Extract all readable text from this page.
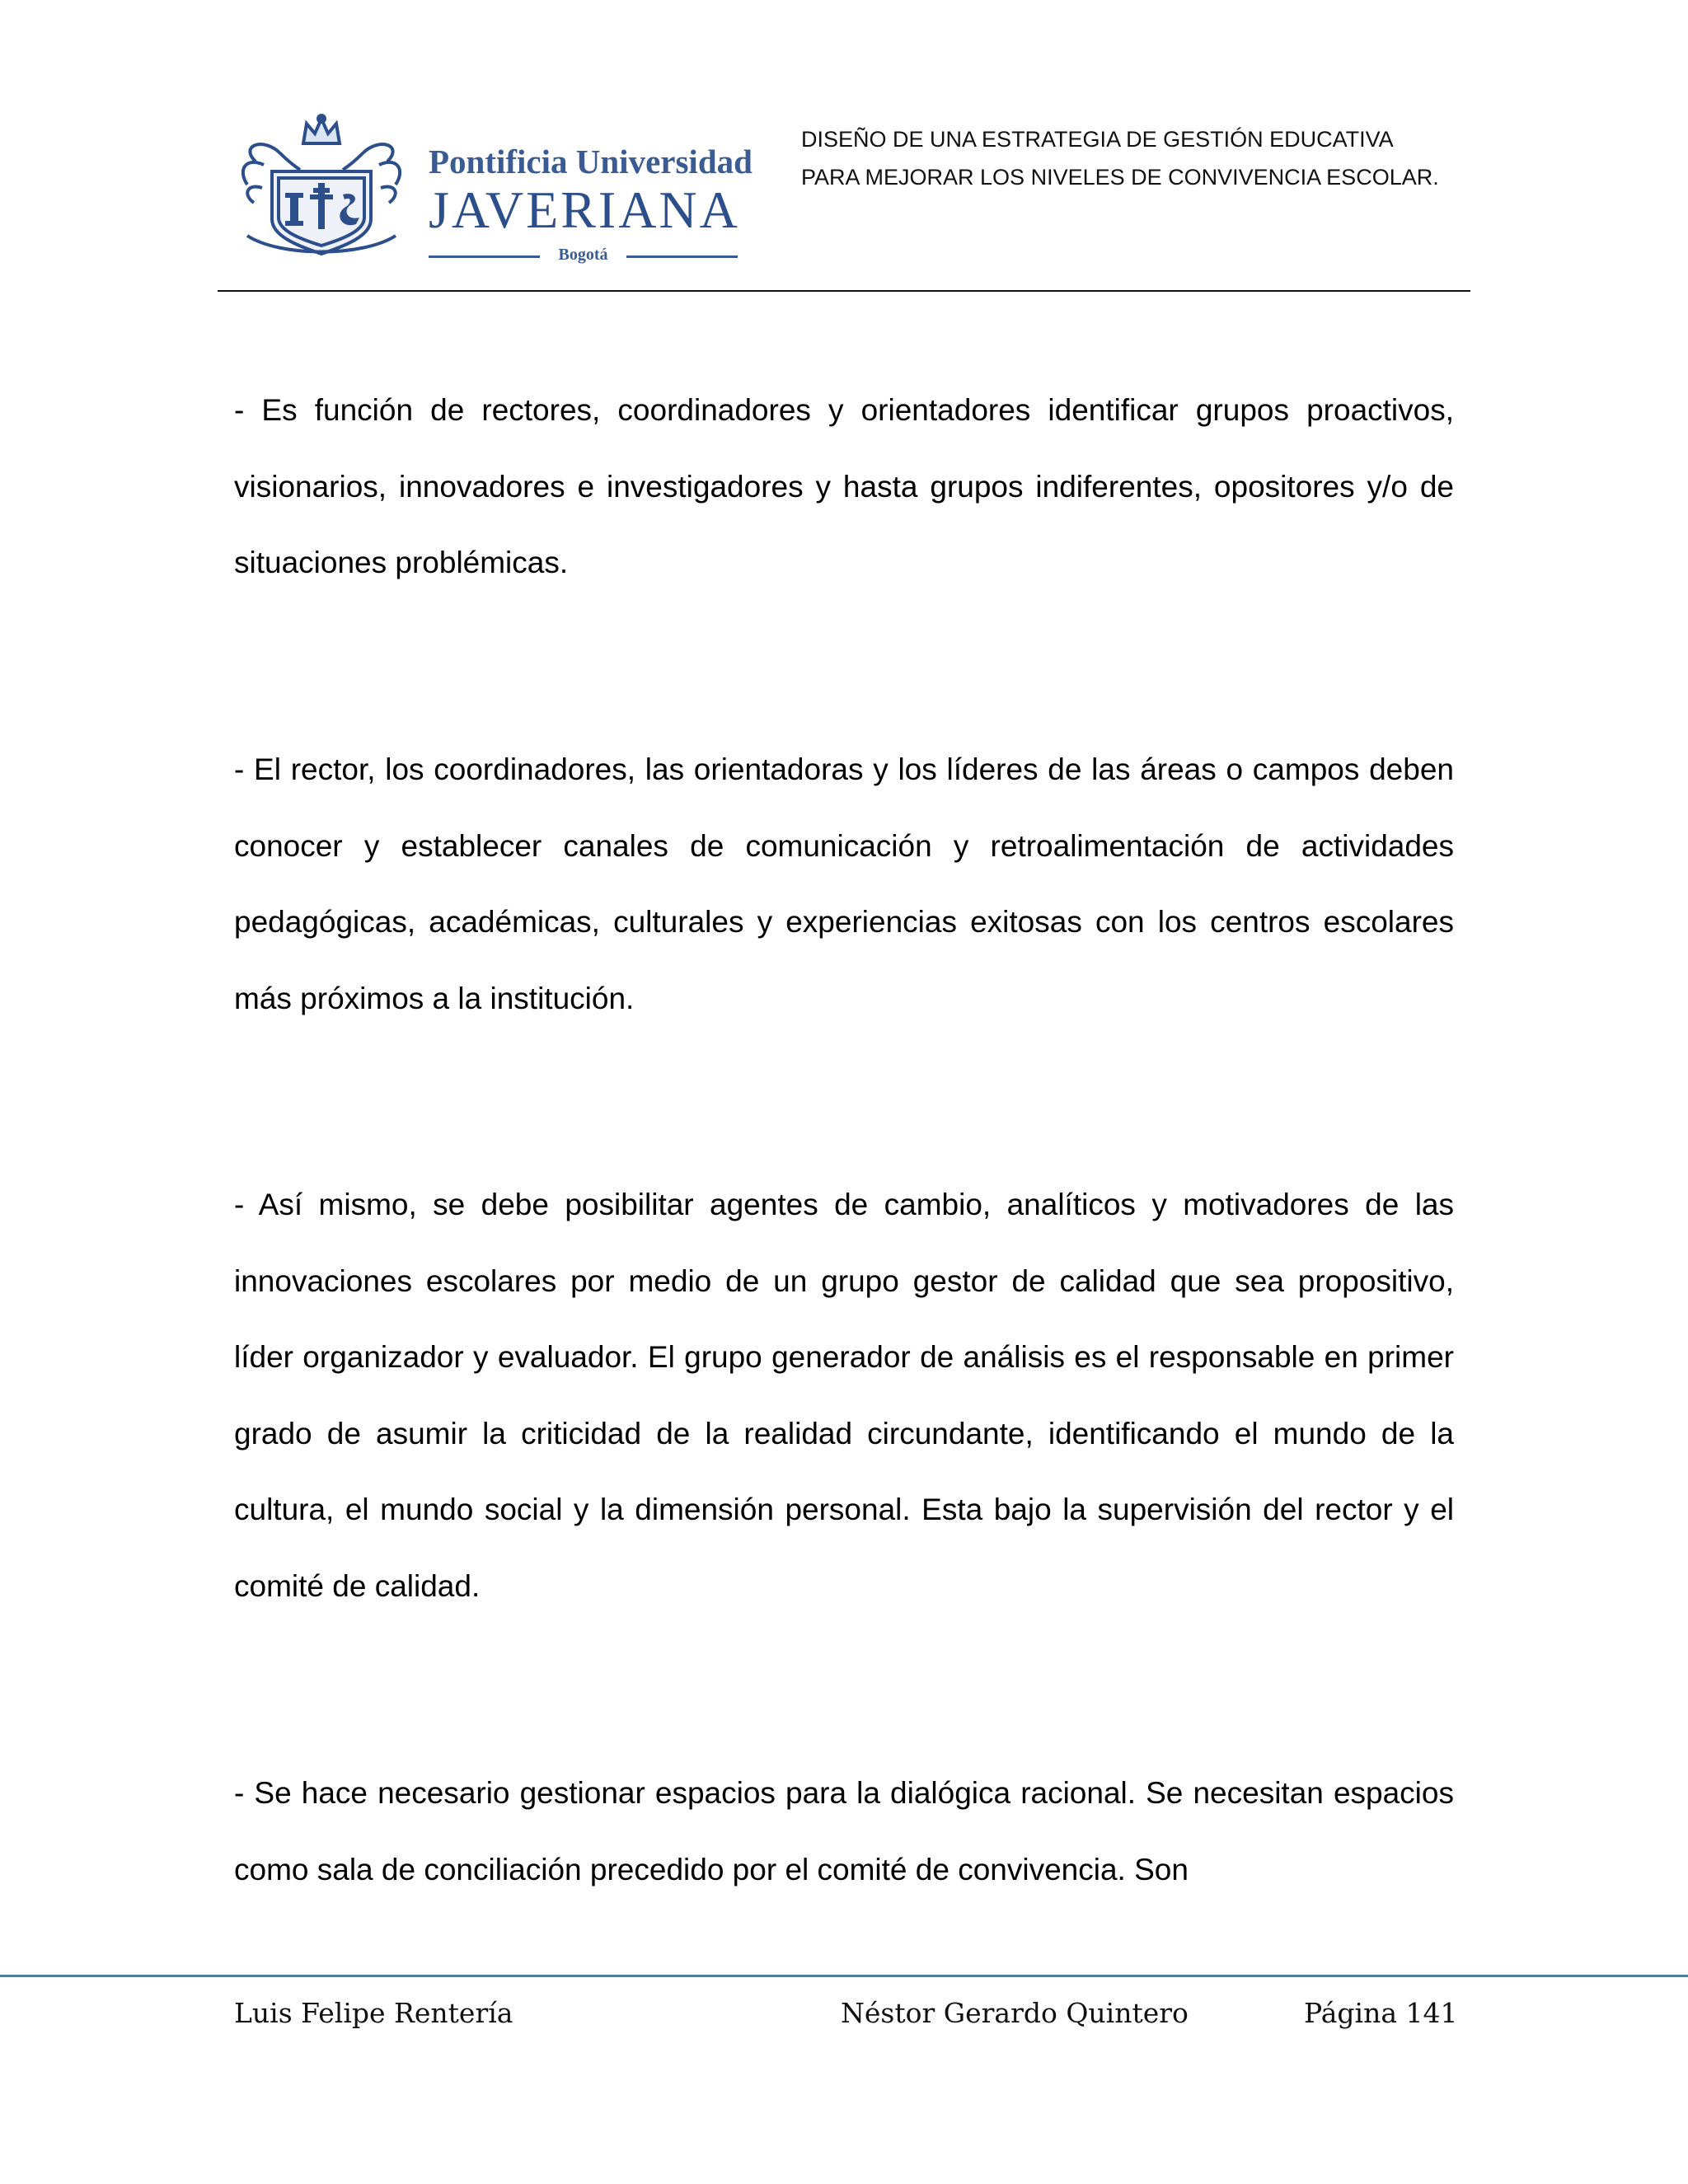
Pontificia Universidad
JAVERIANA
Bogotá
DISEÑO DE UNA ESTRATEGIA DE GESTIÓN EDUCATIVA
PARA MEJORAR LOS NIVELES DE CONVIVENCIA ESCOLAR.

- Es función de rectores, coordinadores y orientadores identificar grupos proactivos, visionarios, innovadores e investigadores y hasta grupos indiferentes, opositores y/o de situaciones problémicas.

- El rector, los coordinadores, las orientadoras y los líderes de las áreas o campos deben conocer y establecer canales de comunicación y retroalimentación de actividades pedagógicas, académicas, culturales y experiencias exitosas con los centros escolares más próximos a la institución.

- Así mismo, se debe posibilitar agentes de cambio, analíticos y motivadores de las innovaciones escolares por medio de un grupo gestor de calidad que sea propositivo, líder organizador y evaluador. El grupo generador de análisis es el responsable en primer grado de asumir la criticidad de la realidad circundante, identificando el mundo de la cultura, el mundo social y la dimensión personal. Esta bajo la supervisión del rector y el comité de calidad.

- Se hace necesario gestionar espacios para la dialógica racional. Se necesitan espacios como sala de conciliación precedido por el comité de convivencia. Son

Luis Felipe Rentería	Néstor Gerardo Quintero	Página 141
